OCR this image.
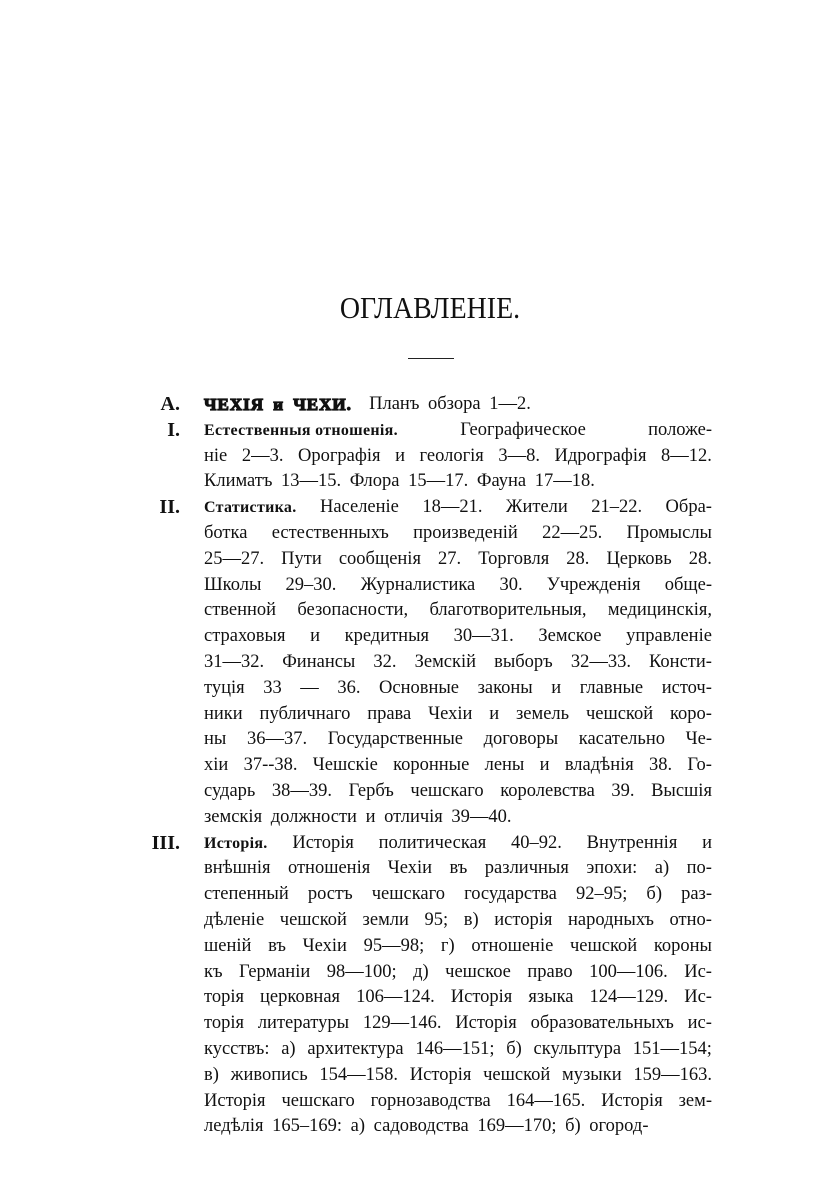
ОГЛАВЛЕНІЕ.
А. ЧЕХІЯ и ЧЕХИ.
Планъ обзора 1—2.
I. Естественныя отношенія.	Географическое	положе-
ніе 2—3. Орографія и геологія 3—8. Идрографія 8—12.
Климатъ 13—15. Флора 15—17. Фауна 17—18.
II. Статистика. Населеніе 18—21. Жители 21–22. Обра-
ботка естественныхъ произведеній 22—25. Промыслы
25—27. Пути сообщенія 27. Торговля 28. Церковь 28.
Школы 29–30. Журналистика 30. Учрежденія обще-
ственной безопасности, благотворительныя, медицинскія,
страховыя и кредитныя 30—31. Земское управленіе
31—32. Финансы 32. Земскій выборъ 32—33. Консти-
туція 33 — 36. Основные законы и главные источ-
ники публичнаго права Чехіи и земель чешской коро-
ны 36—37. Государственные договоры касательно Че-
хіи 37--38. Чешскіе коронные лены и владѣнія 38. Го-
сударь 38—39. Гербъ чешскаго королевства 39. Высшія
земскія должности и отличія 39—40.
III. Исторія. Исторія политическая 40–92. Внутреннія и
внѣшнія отношенія Чехіи въ различныя эпохи: а) по-
степенный ростъ чешскаго государства 92–95; б) раз-
дѣленіе чешской земли 95; в) исторія народныхъ отно-
шеній въ Чехіи 95—98; г) отношеніе чешской короны
къ Германіи 98—100; д) чешское право 100—106. Ис-
торія церковная 106—124. Исторія языка 124—129. Ис-
торія литературы 129—146. Исторія образовательныхъ ис-
кусствъ: а) архитектура 146—151; б) скульптура 151—154;
в) живопись 154—158. Исторія чешской музыки 159—163.
Исторія чешскаго горнозаводства 164—165. Исторія зем-
ледѣлія 165–169: а) садоводства 169—170; б) огород-
